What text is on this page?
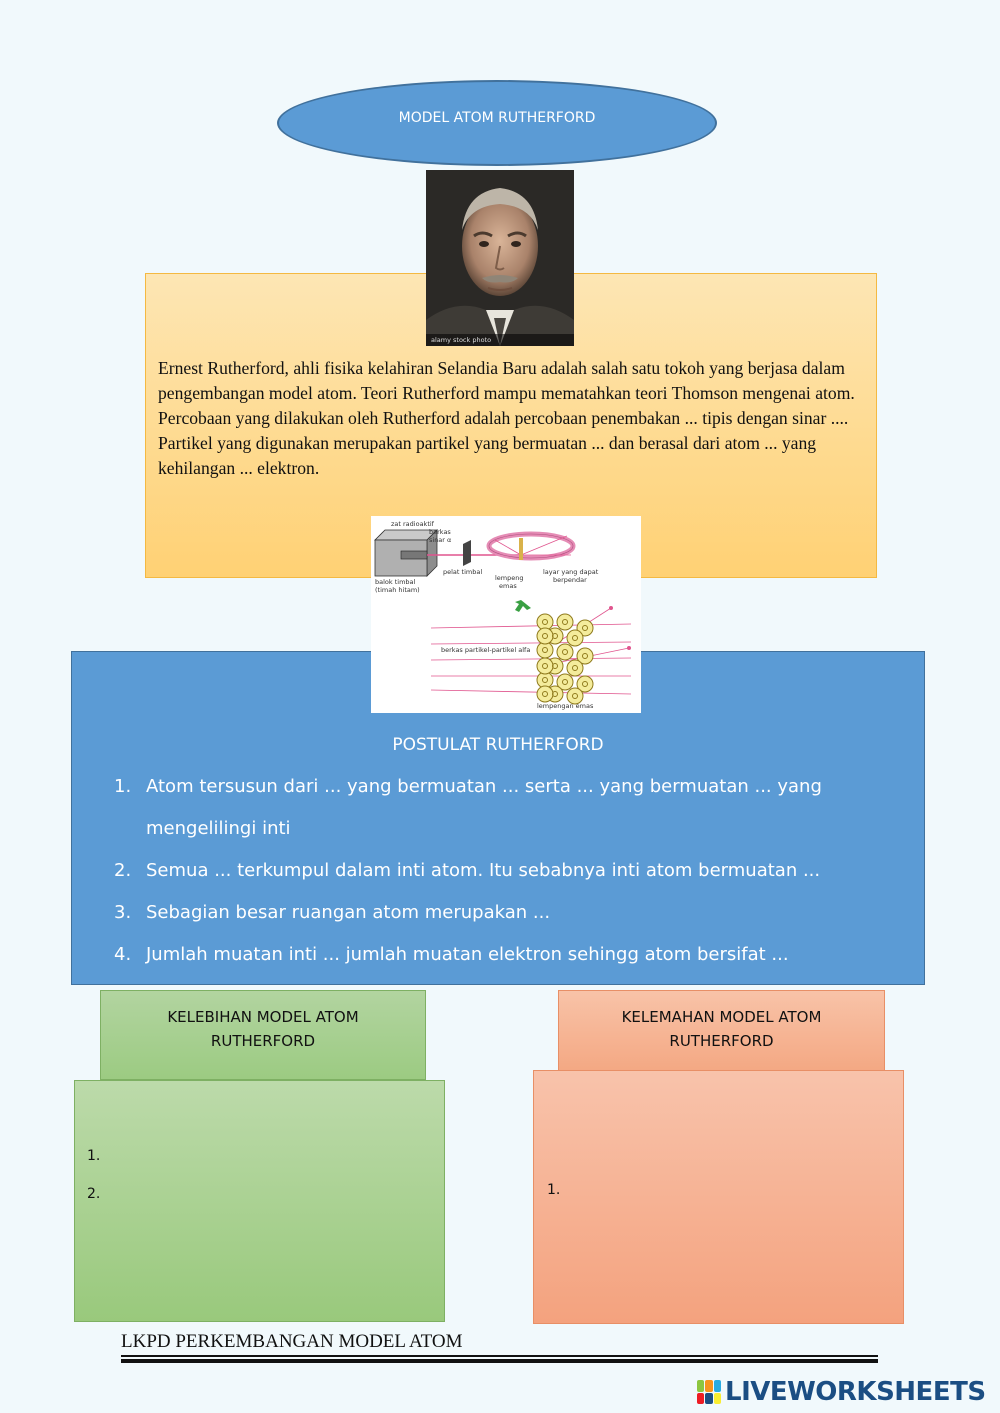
MODEL ATOM RUTHERFORD
alamy stock photo
Ernest Rutherford, ahli fisika kelahiran Selandia Baru adalah salah satu tokoh yang berjasa dalam pengembangan model atom. Teori Rutherford mampu mematahkan teori Thomson mengenai atom. Percobaan yang dilakukan oleh Rutherford adalah percobaan penembakan ... tipis dengan sinar .... Partikel yang digunakan merupakan partikel yang bermuatan ... dan berasal dari atom ... yang kehilangan ... elektron.
zat radioaktif
berkas
sinar α
pelat timbal
balok timbal
(timah hitam)
lempeng
emas
layar yang dapat
berpendar
berkas partikel-partikel alfa
lempengan emas
POSTULAT RUTHERFORD
1. Atom tersusun dari ... yang bermuatan ... serta ... yang bermuatan ... yang
mengelilingi inti
2. Semua ... terkumpul dalam inti atom. Itu sebabnya inti atom bermuatan ...
3. Sebagian besar ruangan atom merupakan ...
4. Jumlah muatan inti ... jumlah muatan elektron sehingg atom bersifat ...
KELEBIHAN MODEL ATOM
RUTHERFORD
1.
2.
KELEMAHAN MODEL ATOM
RUTHERFORD
1.
LKPD PERKEMBANGAN MODEL ATOM
LIVEWORKSHEETS
